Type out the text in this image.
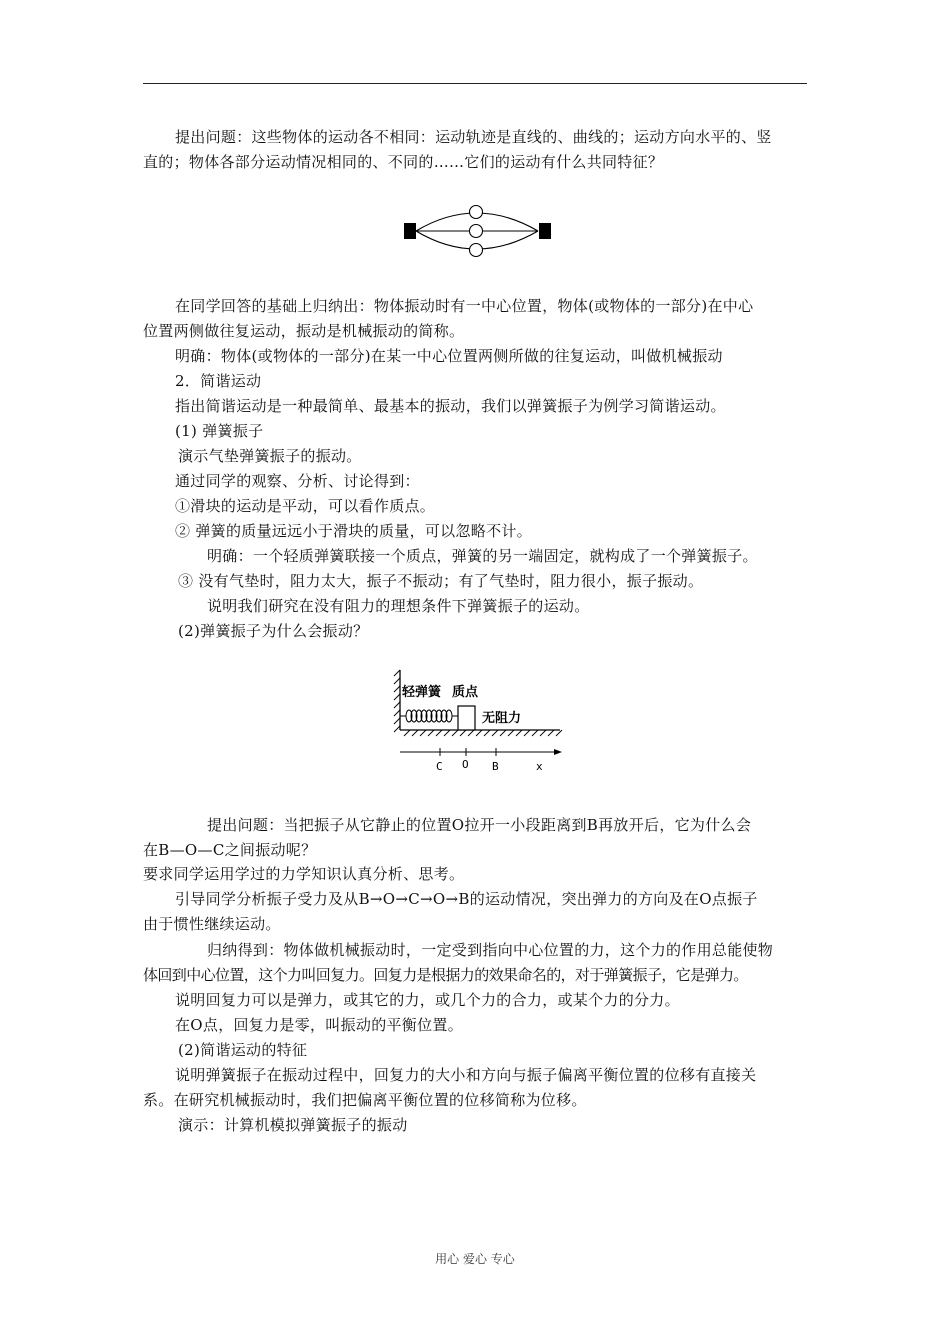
提出问题：这些物体的运动各不相同：运动轨迹是直线的、曲线的；运动方向水平的、竖
直的；物体各部分运动情况相同的、不同的……它们的运动有什么共同特征？
在同学回答的基础上归纳出：物体振动时有一中心位置，物体(或物体的一部分)在中心
位置两侧做往复运动，振动是机械振动的简称。
明确：物体(或物体的一部分)在某一中心位置两侧所做的往复运动，叫做机械振动
2．简谐运动
指出简谐运动是一种最简单、最基本的振动，我们以弹簧振子为例学习简谐运动。
(1) 弹簧振子
演示气垫弹簧振子的振动。
通过同学的观察、分析、讨论得到：
①滑块的运动是平动，可以看作质点。
② 弹簧的质量远远小于滑块的质量，可以忽略不计。
明确：一个轻质弹簧联接一个质点，弹簧的另一端固定，就构成了一个弹簧振子。
③ 没有气垫时，阻力太大，振子不振动；有了气垫时，阻力很小，振子振动。
说明我们研究在没有阻力的理想条件下弹簧振子的运动。
(2)弹簧振子为什么会振动？
轻弹簧 质点
无阻力
C O B	x
提出问题：当把振子从它静止的位置O拉开一小段距离到B再放开后，它为什么会
在B—O—C之间振动呢？
要求同学运用学过的力学知识认真分析、思考。
引导同学分析振子受力及从B→O→C→O→B的运动情况，突出弹力的方向及在O点振子
由于惯性继续运动。
归纳得到：物体做机械振动时，一定受到指向中心位置的力，这个力的作用总能使物
体回到中心位置，这个力叫回复力。回复力是根据力的效果命名的，对于弹簧振子，它是弹力。
说明回复力可以是弹力，或其它的力，或几个力的合力，或某个力的分力。
在O点，回复力是零，叫振动的平衡位置。
(2)简谐运动的特征
说明弹簧振子在振动过程中，回复力的大小和方向与振子偏离平衡位置的位移有直接关
系。在研究机械振动时，我们把偏离平衡位置的位移简称为位移。
演示：计算机模拟弹簧振子的振动
用心 爱心 专心
